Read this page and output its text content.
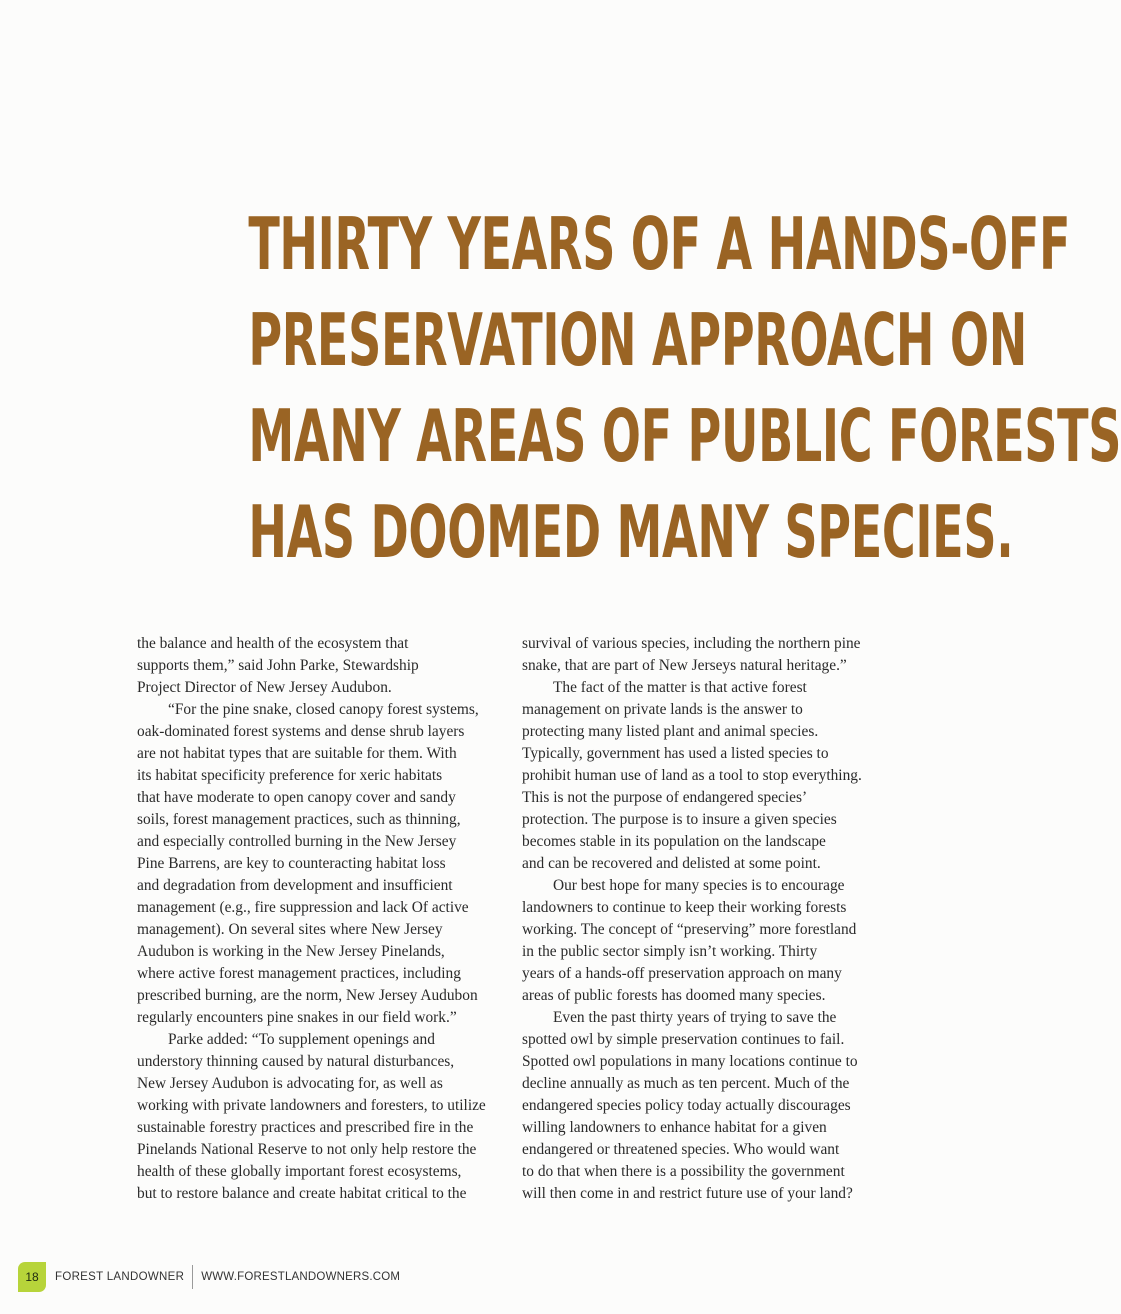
THIRTY YEARS OF A HANDS-OFF
PRESERVATION APPROACH ON
MANY AREAS OF PUBLIC FORESTS
HAS DOOMED MANY SPECIES.
the balance and health of the ecosystem that
supports them,” said John Parke, Stewardship
Project Director of New Jersey Audubon.
“For the pine snake, closed canopy forest systems,
oak-dominated forest systems and dense shrub layers
are not habitat types that are suitable for them. With
its habitat specificity preference for xeric habitats
that have moderate to open canopy cover and sandy
soils, forest management practices, such as thinning,
and especially controlled burning in the New Jersey
Pine Barrens, are key to counteracting habitat loss
and degradation from development and insufficient
management (e.g., fire suppression and lack Of active
management). On several sites where New Jersey
Audubon is working in the New Jersey Pinelands,
where active forest management practices, including
prescribed burning, are the norm, New Jersey Audubon
regularly encounters pine snakes in our field work.”
Parke added: “To supplement openings and
understory thinning caused by natural disturbances,
New Jersey Audubon is advocating for, as well as
working with private landowners and foresters, to utilize
sustainable forestry practices and prescribed fire in the
Pinelands National Reserve to not only help restore the
health of these globally important forest ecosystems,
but to restore balance and create habitat critical to the
survival of various species, including the northern pine
snake, that are part of New Jerseys natural heritage.”
The fact of the matter is that active forest
management on private lands is the answer to
protecting many listed plant and animal species.
Typically, government has used a listed species to
prohibit human use of land as a tool to stop everything.
This is not the purpose of endangered species’
protection. The purpose is to insure a given species
becomes stable in its population on the landscape
and can be recovered and delisted at some point.
Our best hope for many species is to encourage
landowners to continue to keep their working forests
working. The concept of “preserving” more forestland
in the public sector simply isn’t working. Thirty
years of a hands-off preservation approach on many
areas of public forests has doomed many species.
Even the past thirty years of trying to save the
spotted owl by simple preservation continues to fail.
Spotted owl populations in many locations continue to
decline annually as much as ten percent. Much of the
endangered species policy today actually discourages
willing landowners to enhance habitat for a given
endangered or threatened species. Who would want
to do that when there is a possibility the government
will then come in and restrict future use of your land?
18 FOREST LANDOWNER WWW.FORESTLANDOWNERS.COM
